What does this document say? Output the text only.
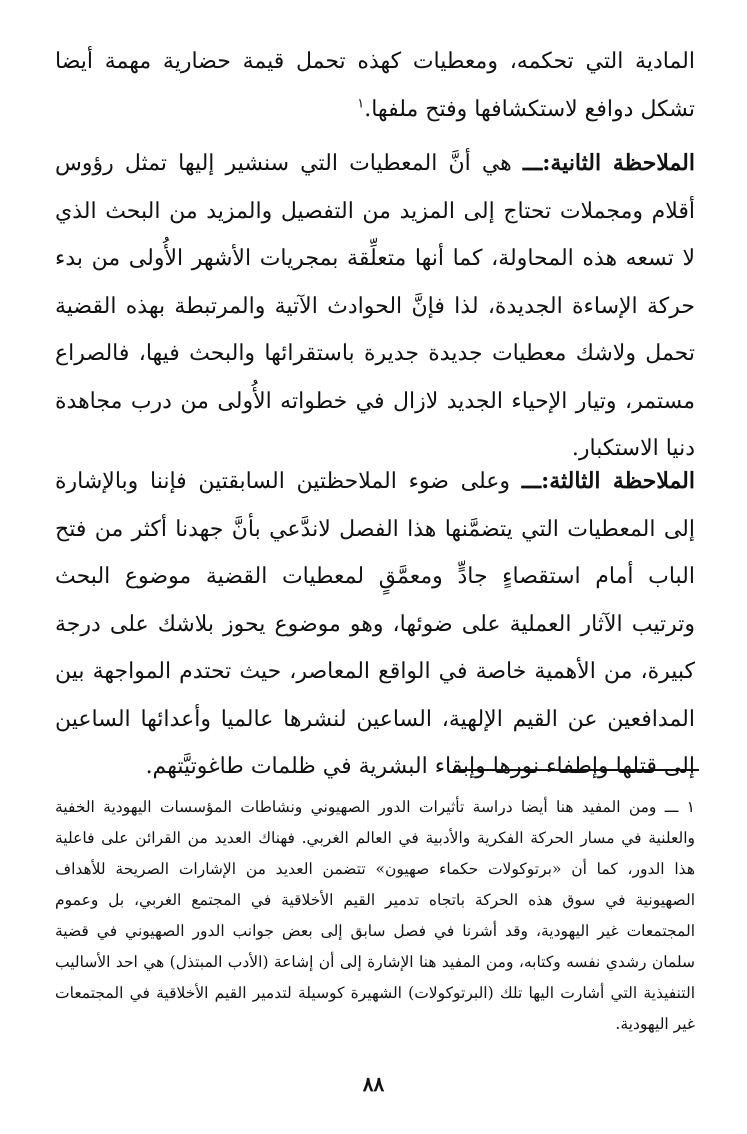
المادية التي تحكمه، ومعطيات كهذه تحمل قيمة حضارية مهمة أيضا تشكل دوافع لاستكشافها وفتح ملفها.$^١$

الملاحظة الثانية:ـــ هي أنَّ المعطيات التي سنشير إليها تمثل رؤوس أقلام ومجملات تحتاج إلى المزيد من التفصيل والمزيد من البحث الذي لا تسعه هذه المحاولة، كما أنها متعلِّقة بمجريات الأشهر الأُولى من بدء حركة الإساءة الجديدة، لذا فإنَّ الحوادث الآتية والمرتبطة بهذه القضية تحمل ولاشك معطيات جديدة جديرة باستقرائها والبحث فيها، فالصراع مستمر، وتيار الإحياء الجديد لازال في خطواته الأُولى من درب مجاهدة دنيا الاستكبار.

الملاحظة الثالثة:ـــ وعلى ضوء الملاحظتين السابقتين فإننا وبالإشارة إلى المعطيات التي يتضمَّنها هذا الفصل لاندَّعي بأنَّ جهدنا أكثر من فتح الباب أمام استقصاءٍ جادٍّ ومعمَّقٍ لمعطيات القضية موضوع البحث وترتيب الآثار العملية على ضوئها، وهو موضوع يحوز بلاشك على درجة كبيرة، من الأهمية خاصة في الواقع المعاصر، حيث تحتدم المواجهة بين المدافعين عن القيم الإلهية، الساعين لنشرها عالميا وأعدائها الساعين إلى قتلها وإطفاء نورها وإبقاء البشرية في ظلمات طاغوتيَّتهم.

١ ـــ ومن المفيد هنا أيضا دراسة تأثيرات الدور الصهيوني ونشاطات المؤسسات اليهودية الخفية والعلنية في مسار الحركة الفكرية والأدبية في العالم الغربي. فهناك العديد من القرائن على فاعلية هذا الدور، كما أن «برتوكولات حكماء صهيون» تتضمن العديد من الإشارات الصريحة للأهداف الصهيونية في سوق هذه الحركة باتجاه تدمير القيم الأخلاقية في المجتمع الغربي، بل وعموم المجتمعات غير اليهودية، وقد أشرنا في فصل سابق إلى بعض جوانب الدور الصهيوني في قضية سلمان رشدي نفسه وكتابه، ومن المفيد هنا الإشارة إلى أن إشاعة (الأدب المبتذل) هي احد الأساليب التنفيذية التي أشارت اليها تلك (البرتوكولات) الشهيرة كوسيلة لتدمير القيم الأخلاقية في المجتمعات غير اليهودية.

٨٨
